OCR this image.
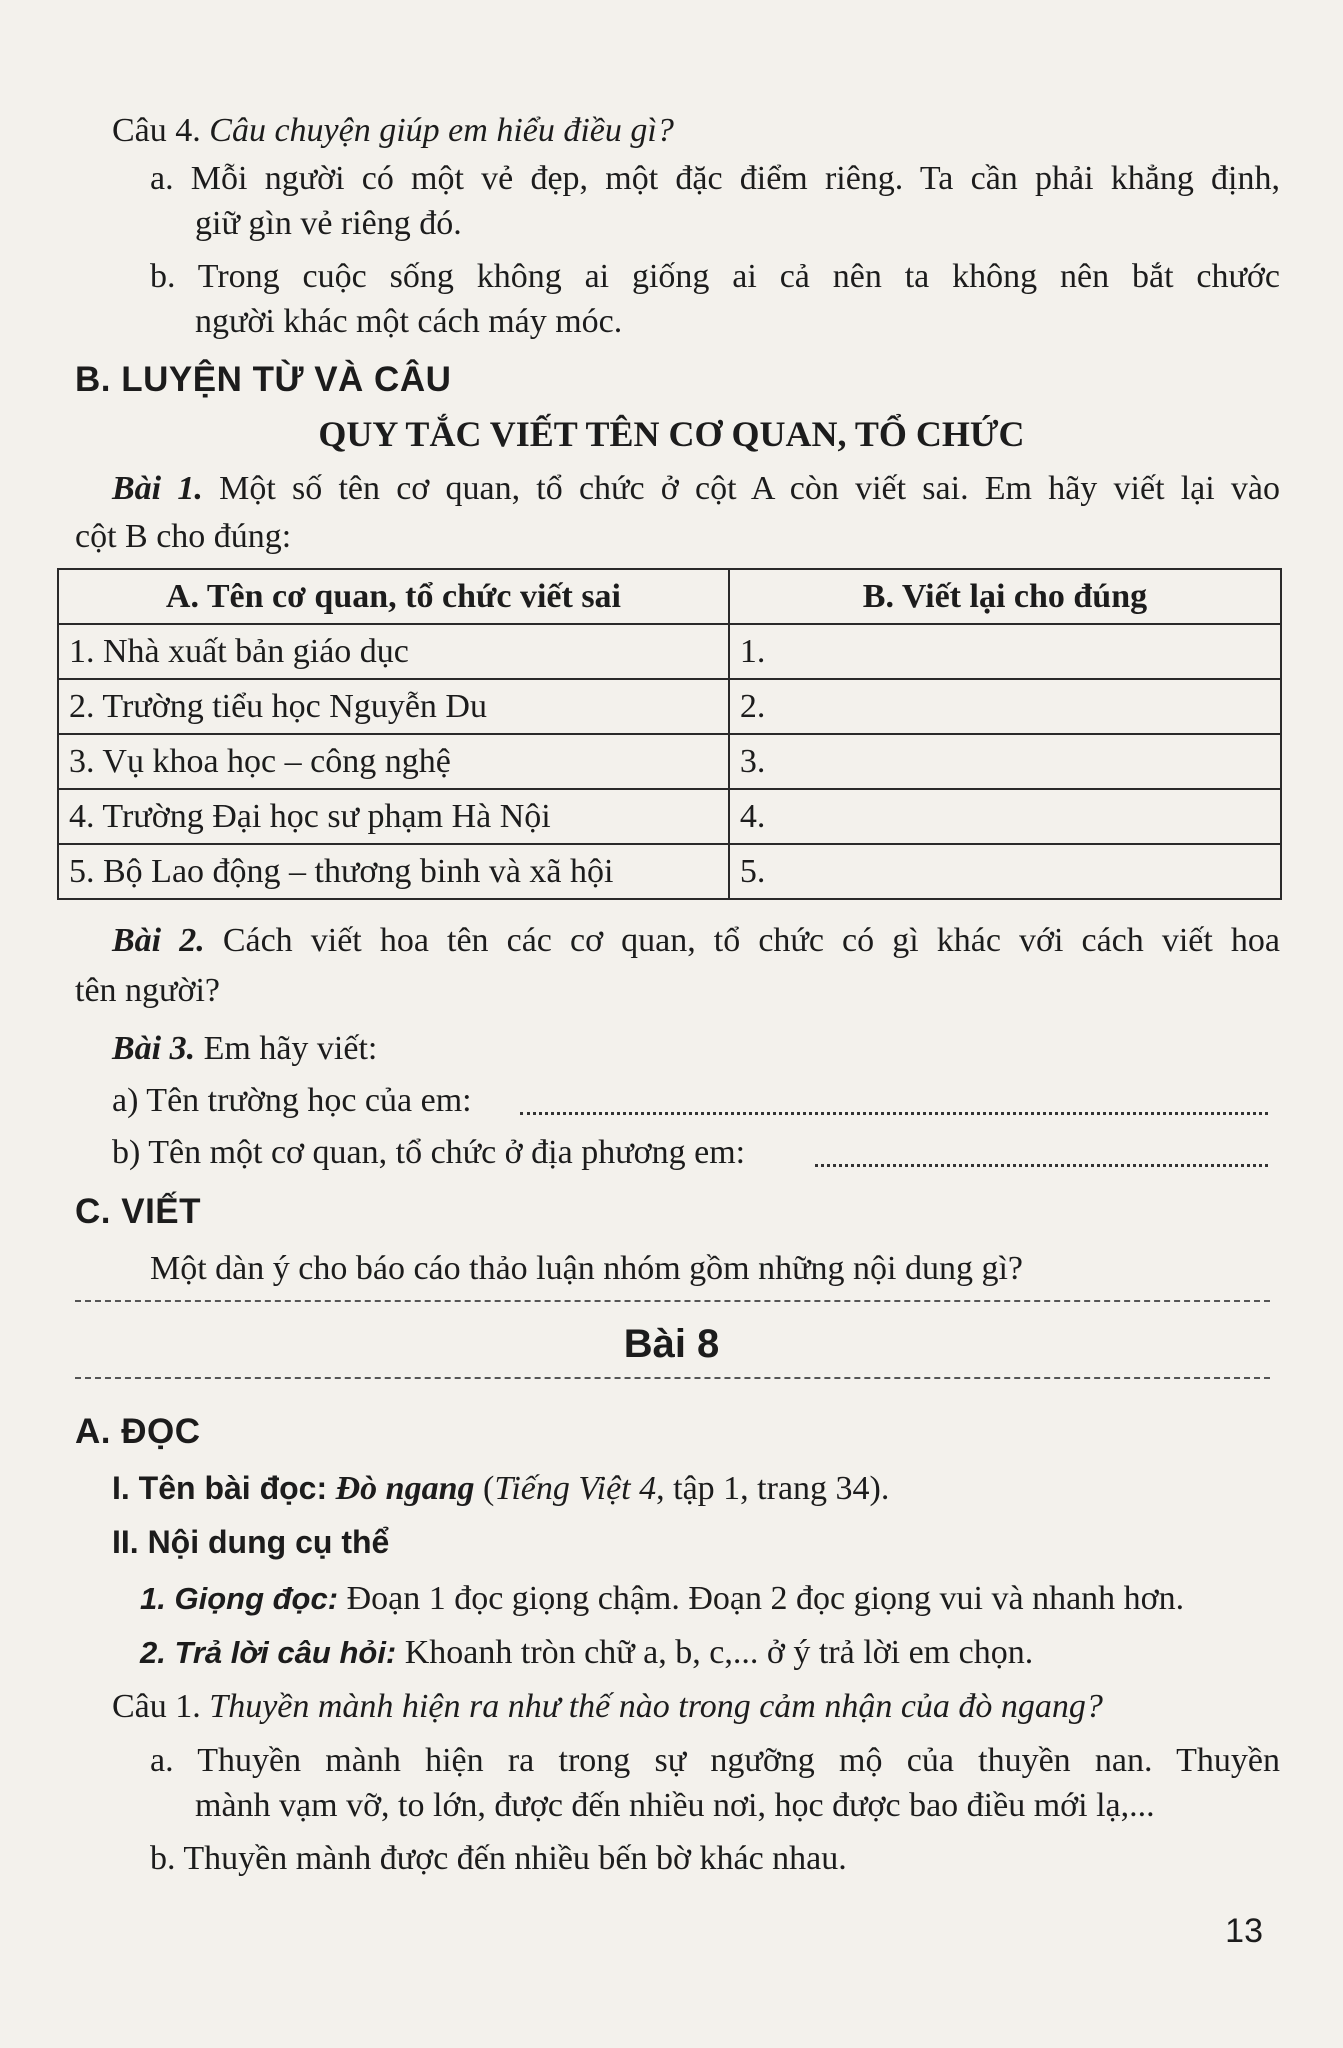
Câu 4. Câu chuyện giúp em hiểu điều gì?
a. Mỗi người có một vẻ đẹp, một đặc điểm riêng. Ta cần phải khẳng định,
giữ gìn vẻ riêng đó.
b. Trong cuộc sống không ai giống ai cả nên ta không nên bắt chước
người khác một cách máy móc.
B. LUYỆN TỪ VÀ CÂU
QUY TẮC VIẾT TÊN CƠ QUAN, TỔ CHỨC
Bài 1. Một số tên cơ quan, tổ chức ở cột A còn viết sai. Em hãy viết lại vào
cột B cho đúng:
A. Tên cơ quan, tổ chức viết sai	B. Viết lại cho đúng
1. Nhà xuất bản giáo dục	1.
2. Trường tiểu học Nguyễn Du	2.
3. Vụ khoa học – công nghệ	3.
4. Trường Đại học sư phạm Hà Nội	4.
5. Bộ Lao động – thương binh và xã hội	5.
Bài 2. Cách viết hoa tên các cơ quan, tổ chức có gì khác với cách viết hoa
tên người?
Bài 3. Em hãy viết:
a) Tên trường học của em:
b) Tên một cơ quan, tổ chức ở địa phương em:
C. VIẾT
Một dàn ý cho báo cáo thảo luận nhóm gồm những nội dung gì?
Bài 8
A. ĐỌC
I. Tên bài đọc: Đò ngang (Tiếng Việt 4, tập 1, trang 34).
II. Nội dung cụ thể
1. Giọng đọc: Đoạn 1 đọc giọng chậm. Đoạn 2 đọc giọng vui và nhanh hơn.
2. Trả lời câu hỏi: Khoanh tròn chữ a, b, c,... ở ý trả lời em chọn.
Câu 1. Thuyền mành hiện ra như thế nào trong cảm nhận của đò ngang?
a. Thuyền mành hiện ra trong sự ngưỡng mộ của thuyền nan. Thuyền
mành vạm vỡ, to lớn, được đến nhiều nơi, học được bao điều mới lạ,...
b. Thuyền mành được đến nhiều bến bờ khác nhau.
13
